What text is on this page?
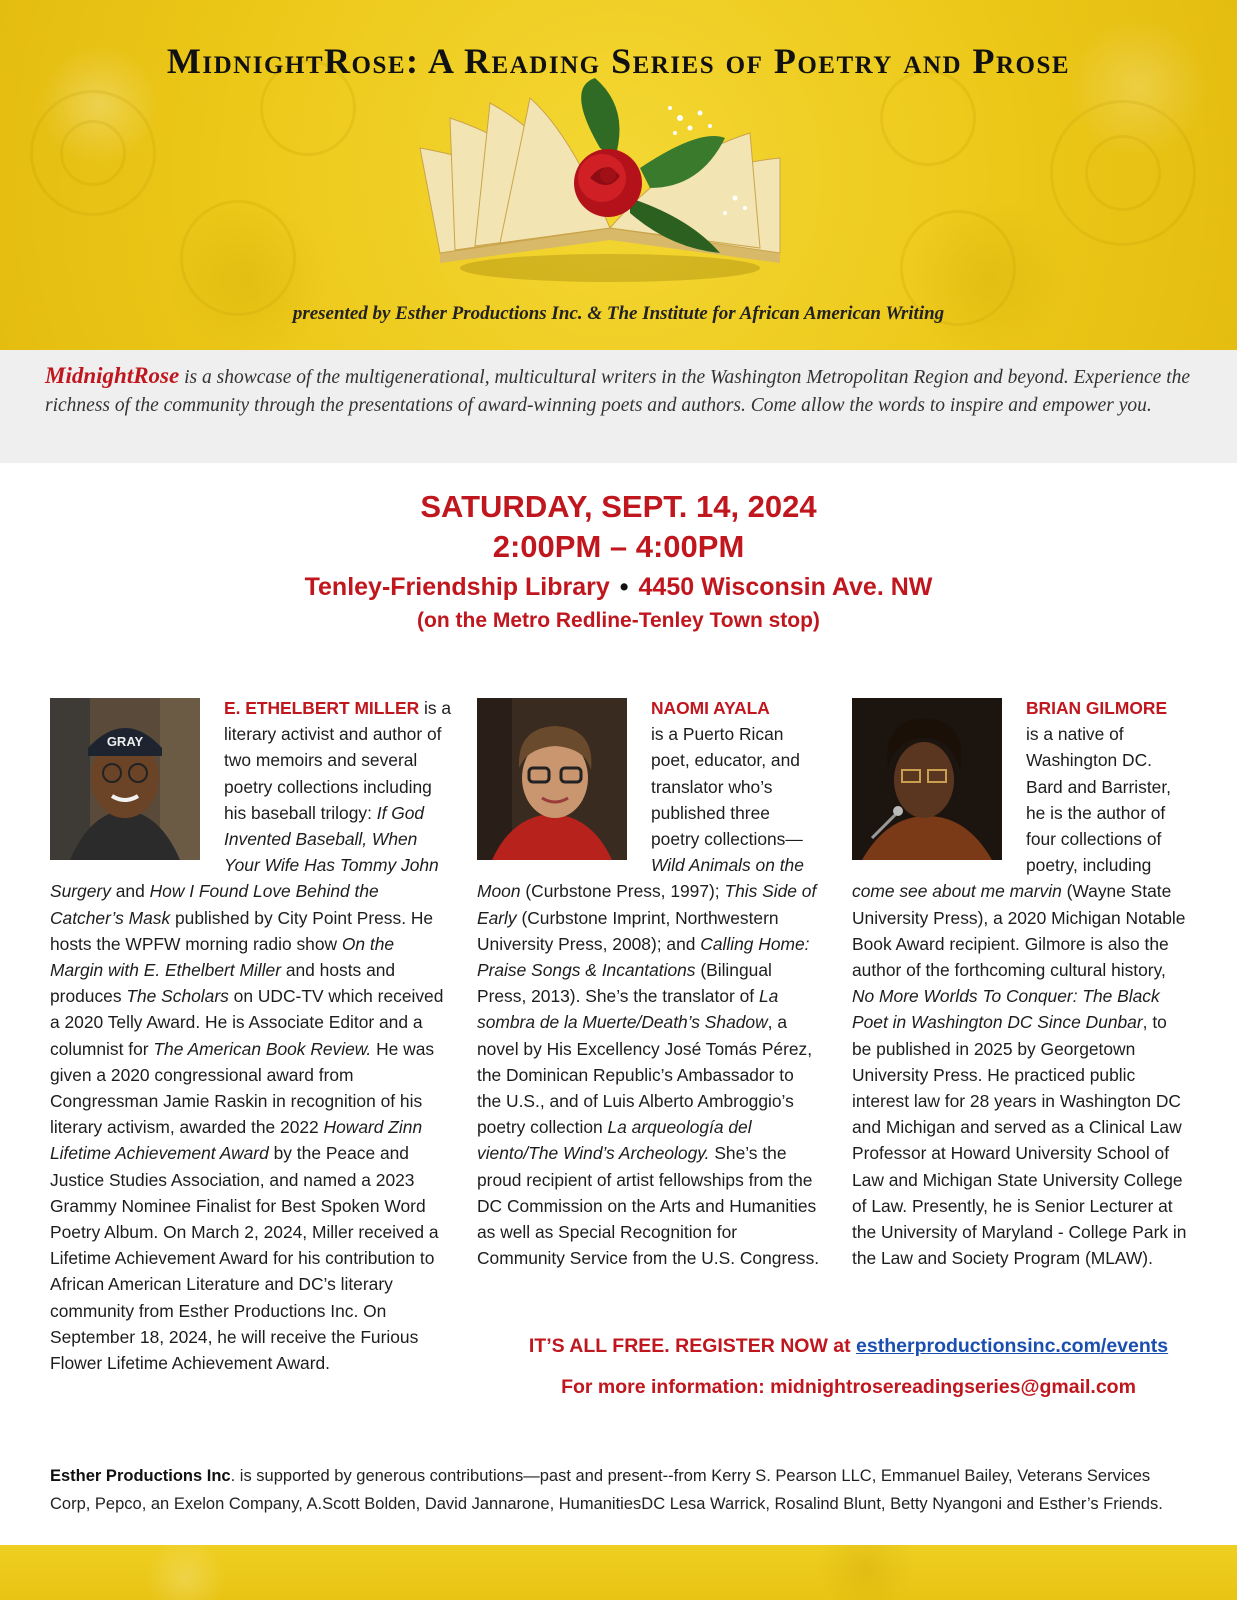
MidnightRose: A Reading Series of Poetry and Prose
presented by Esther Productions Inc. & The Institute for African American Writing

MidnightRose is a showcase of the multigenerational, multicultural writers in the Washington Metropolitan Region and beyond. Experience the richness of the community through the presentations of award-winning poets and authors. Come allow the words to inspire and empower you.

SATURDAY, SEPT. 14, 2024
2:00PM – 4:00PM
Tenley-Friendship Library • 4450 Wisconsin Ave. NW
(on the Metro Redline-Tenley Town stop)
GRAY

E. ETHELBERT MILLER is a literary activist and author of two memoirs and several poetry collections including his baseball trilogy: If God Invented Baseball, When Your Wife Has Tommy John Surgery and How I Found Love Behind the Catcher’s Mask published by City Point Press. He hosts the WPFW morning radio show On the Margin with E. Ethelbert Miller and hosts and produces The Scholars on UDC-TV which received a 2020 Telly Award. He is Associate Editor and a columnist for The American Book Review. He was given a 2020 congressional award from Congressman Jamie Raskin in recognition of his literary activism, awarded the 2022 Howard Zinn Lifetime Achievement Award by the Peace and Justice Studies Association, and named a 2023 Grammy Nominee Finalist for Best Spoken Word Poetry Album. On March 2, 2024, Miller received a Lifetime Achievement Award for his contribution to African American Literature and DC’s literary community from Esther Productions Inc. On September 18, 2024, he will receive the Furious Flower Lifetime Achievement Award.

NAOMI AYALA
is a Puerto Rican poet, educator, and translator who’s published three poetry collections—Wild Animals on the Moon (Curbstone Press, 1997); This Side of Early (Curbstone Imprint, Northwestern University Press, 2008); and Calling Home: Praise Songs & Incantations (Bilingual Press, 2013). She’s the translator of La sombra de la Muerte/Death’s Shadow, a novel by His Excellency José Tomás Pérez, the Dominican Republic’s Ambassador to the U.S., and of Luis Alberto Ambroggio’s poetry collection La arqueología del viento/The Wind’s Archeology. She’s the proud recipient of artist fellowships from the DC Commission on the Arts and Humanities as well as Special Recognition for Community Service from the U.S. Congress.

BRIAN GILMORE
is a native of Washington DC. Bard and Barrister, he is the author of four collections of poetry, including come see about me marvin (Wayne State University Press), a 2020 Michigan Notable Book Award recipient. Gilmore is also the author of the forthcoming cultural history, No More Worlds To Conquer: The Black Poet in Washington DC Since Dunbar, to be published in 2025 by Georgetown University Press. He practiced public interest law for 28 years in Washington DC and Michigan and served as a Clinical Law Professor at Howard University School of Law and Michigan State University College of Law. Presently, he is Senior Lecturer at the University of Maryland - College Park in the Law and Society Program (MLAW).

IT’S ALL FREE. REGISTER NOW at estherproductionsinc.com/events
For more information: midnightrosereadingseries@gmail.com
Esther Productions Inc. is supported by generous contributions—past and present--from Kerry S. Pearson LLC, Emmanuel Bailey, Veterans Services Corp, Pepco, an Exelon Company, A.Scott Bolden, David Jannarone, HumanitiesDC Lesa Warrick, Rosalind Blunt, Betty Nyangoni and Esther’s Friends.
